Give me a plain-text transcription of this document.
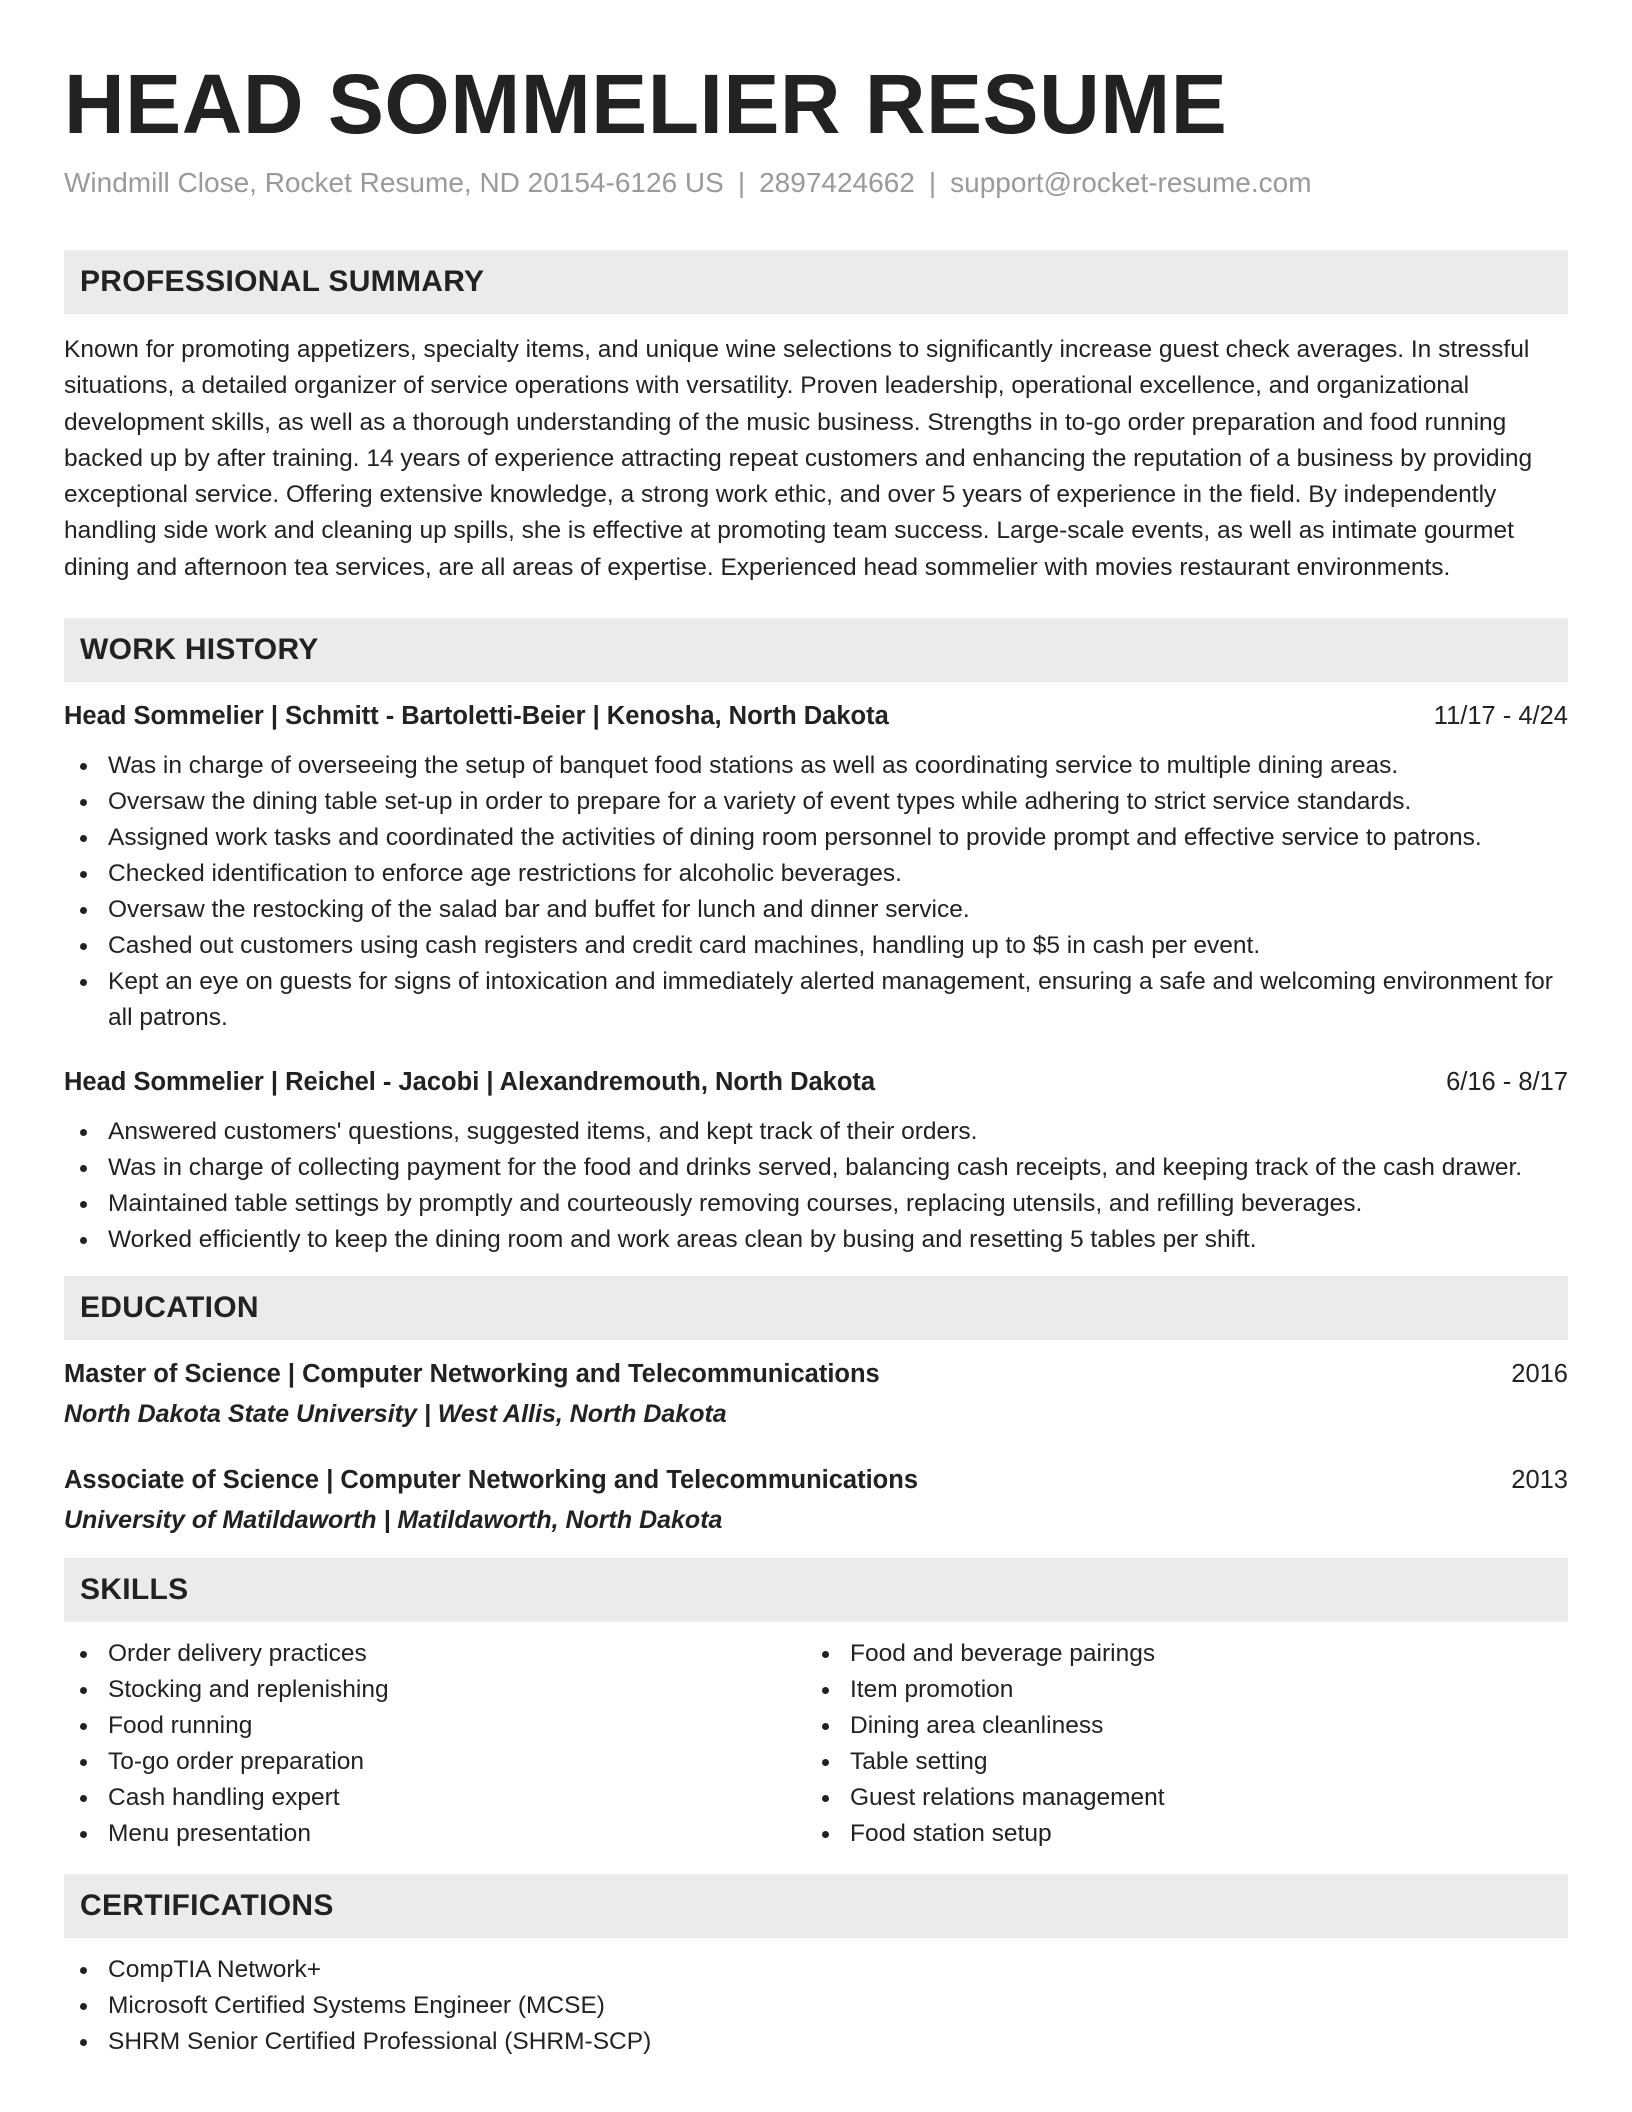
HEAD SOMMELIER RESUME
Windmill Close, Rocket Resume, ND 20154-6126 US | 2897424662 | support@rocket-resume.com
PROFESSIONAL SUMMARY

Known for promoting appetizers, specialty items, and unique wine selections to significantly increase guest check averages. In stressful situations, a detailed organizer of service operations with versatility. Proven leadership, operational excellence, and organizational development skills, as well as a thorough understanding of the music business. Strengths in to-go order preparation and food running backed up by after training. 14 years of experience attracting repeat customers and enhancing the reputation of a business by providing exceptional service. Offering extensive knowledge, a strong work ethic, and over 5 years of experience in the field. By independently handling side work and cleaning up spills, she is effective at promoting team success. Large-scale events, as well as intimate gourmet dining and afternoon tea services, are all areas of expertise. Experienced head sommelier with movies restaurant environments.

WORK HISTORY
Head Sommelier | Schmitt - Bartoletti-Beier | Kenosha, North Dakota	11/17 - 4/24
Was in charge of overseeing the setup of banquet food stations as well as coordinating service to multiple dining areas.
Oversaw the dining table set-up in order to prepare for a variety of event types while adhering to strict service standards.
Assigned work tasks and coordinated the activities of dining room personnel to provide prompt and effective service to patrons.
Checked identification to enforce age restrictions for alcoholic beverages.
Oversaw the restocking of the salad bar and buffet for lunch and dinner service.
Cashed out customers using cash registers and credit card machines, handling up to $5 in cash per event.
Kept an eye on guests for signs of intoxication and immediately alerted management, ensuring a safe and welcoming environment for all patrons.
Head Sommelier | Reichel - Jacobi | Alexandremouth, North Dakota	6/16 - 8/17
Answered customers' questions, suggested items, and kept track of their orders.
Was in charge of collecting payment for the food and drinks served, balancing cash receipts, and keeping track of the cash drawer.
Maintained table settings by promptly and courteously removing courses, replacing utensils, and refilling beverages.
Worked efficiently to keep the dining room and work areas clean by busing and resetting 5 tables per shift.
EDUCATION
Master of Science | Computer Networking and Telecommunications	2016
North Dakota State University | West Allis, North Dakota
Associate of Science | Computer Networking and Telecommunications	2013
University of Matildaworth | Matildaworth, North Dakota
SKILLS
Order delivery practices
Stocking and replenishing
Food running
To-go order preparation
Cash handling expert
Menu presentation
Food and beverage pairings
Item promotion
Dining area cleanliness
Table setting
Guest relations management
Food station setup
CERTIFICATIONS
CompTIA Network+
Microsoft Certified Systems Engineer (MCSE)
SHRM Senior Certified Professional (SHRM-SCP)
